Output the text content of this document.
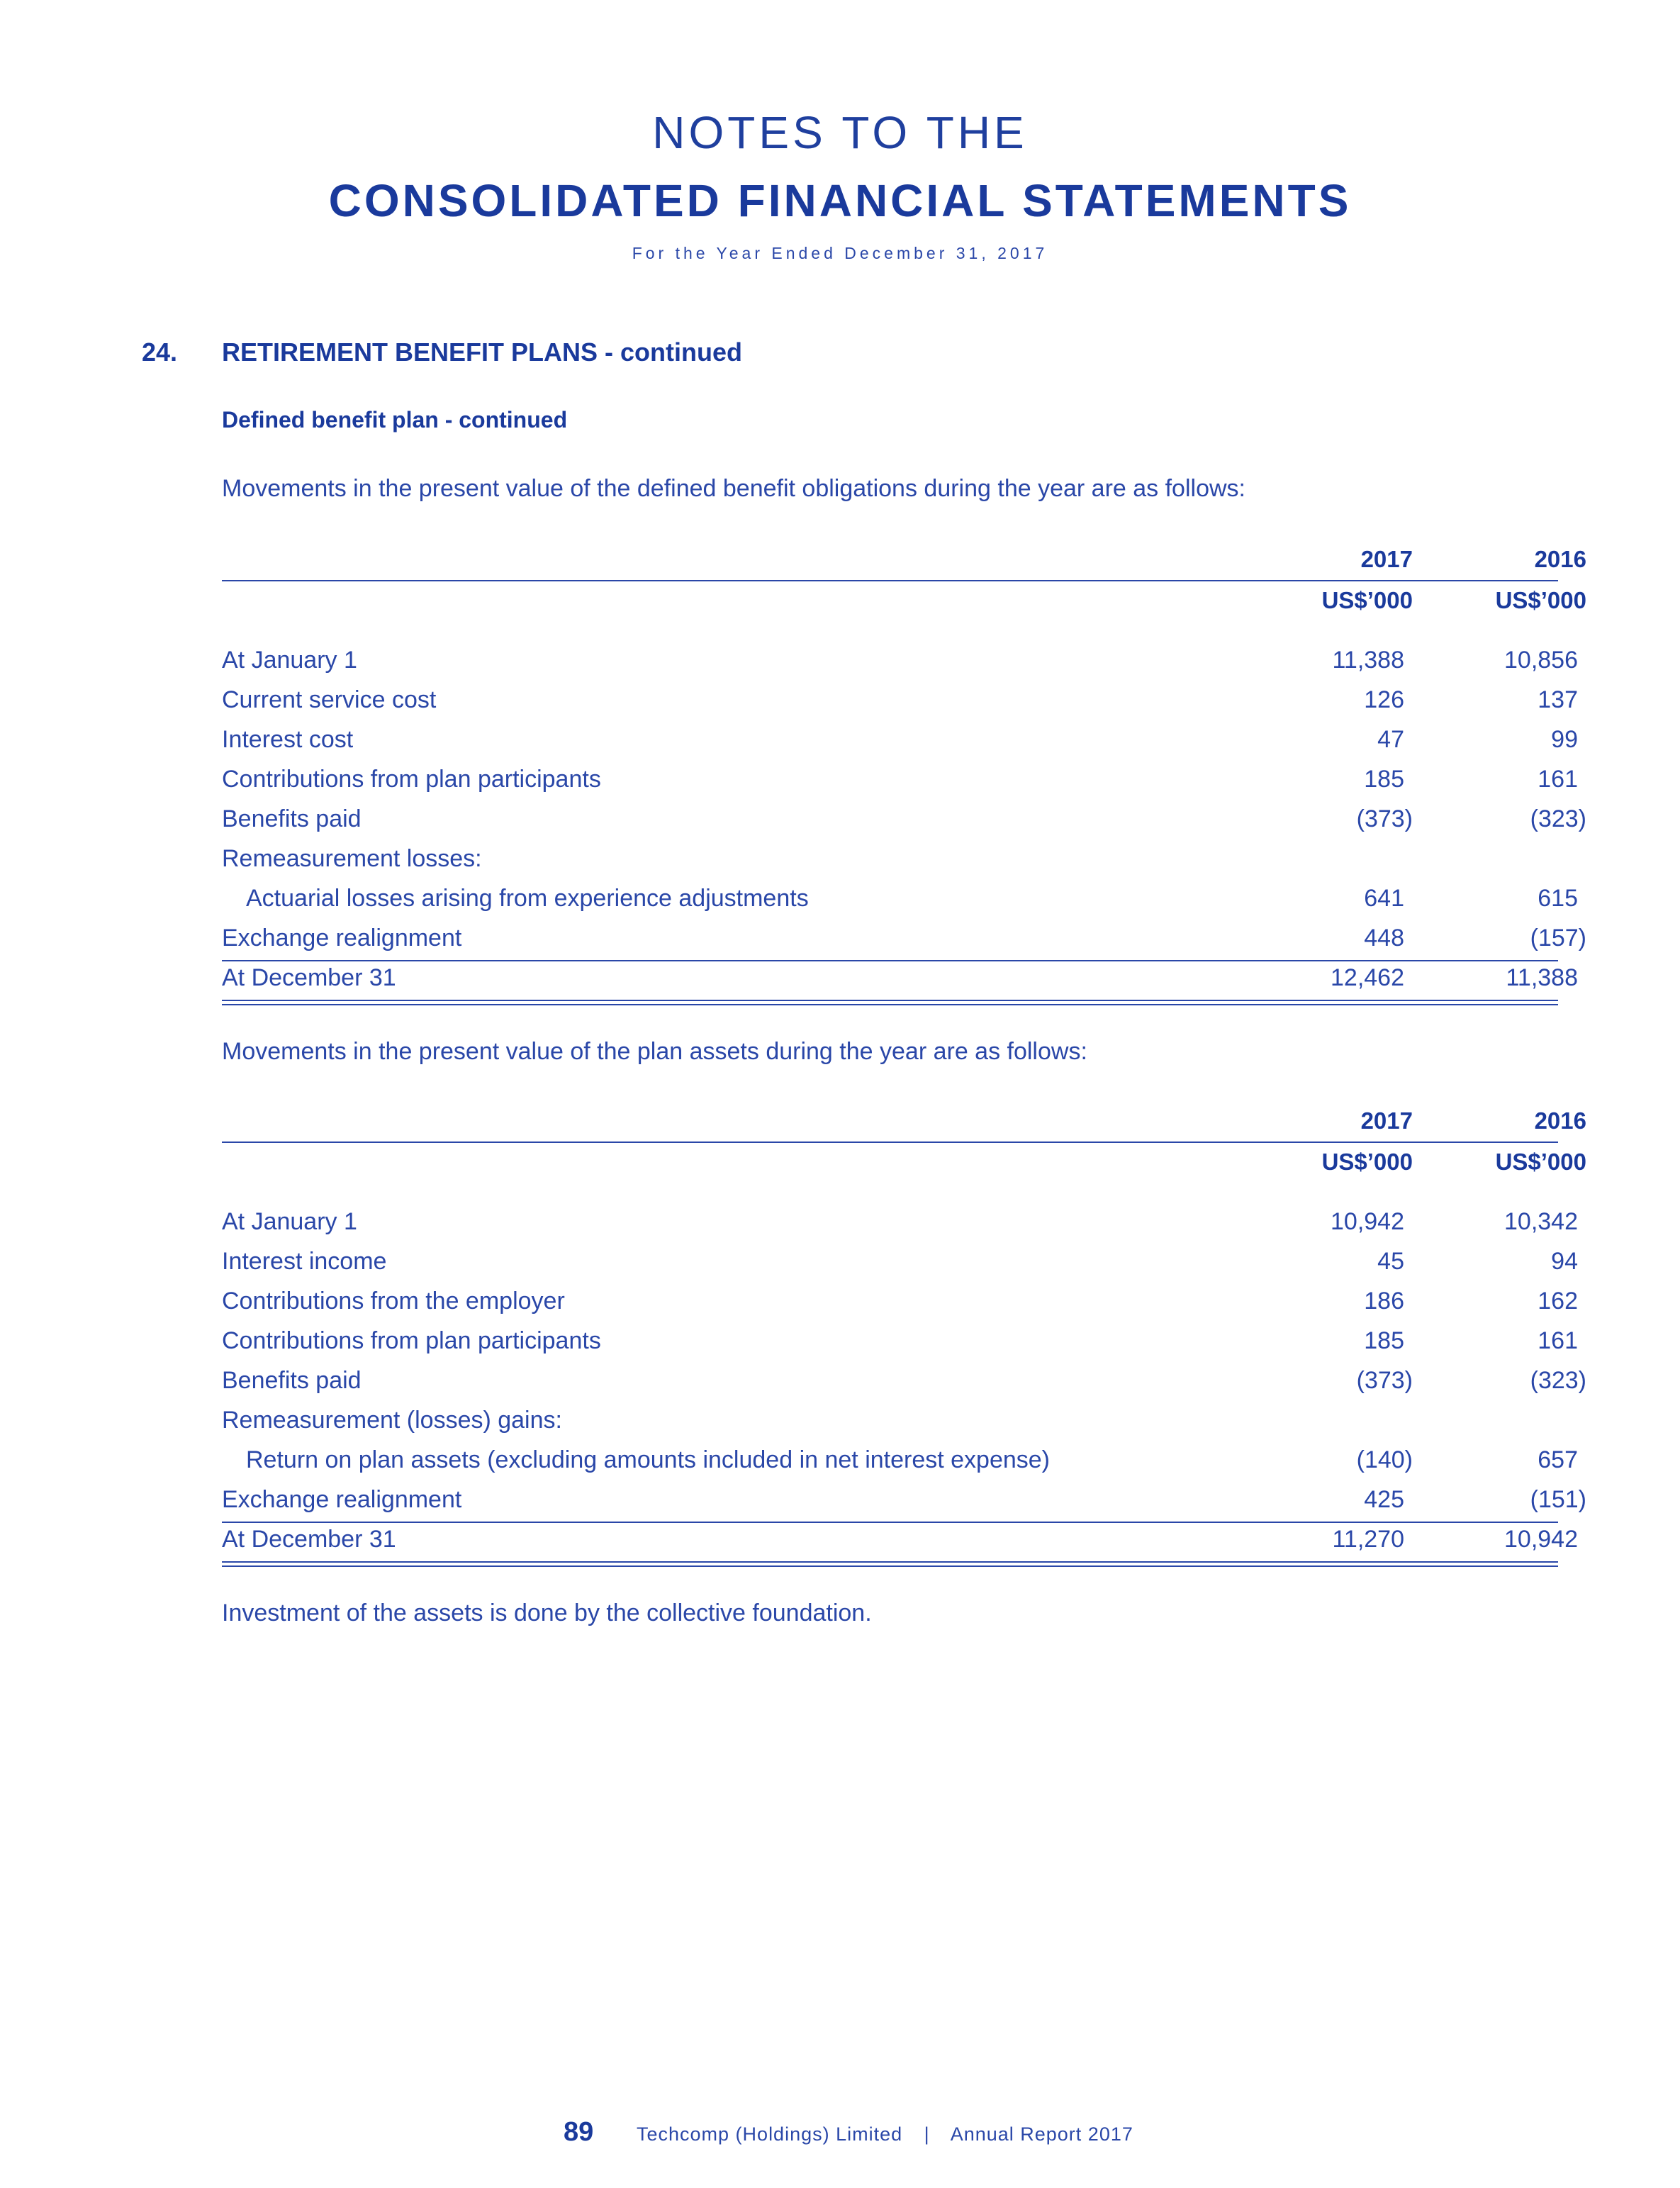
NOTES TO THE
CONSOLIDATED FINANCIAL STATEMENTS
For the Year Ended December 31, 2017
24. RETIREMENT BENEFIT PLANS - continued
Defined benefit plan - continued
Movements in the present value of the defined benefit obligations during the year are as follows:
2017	2016
US$’000	US$’000
At January 1	11,388	10,856
Current service cost	126	137
Interest cost	47	99
Contributions from plan participants	185	161
Benefits paid	(373)	(323)
Remeasurement losses:
Actuarial losses arising from experience adjustments	641	615
Exchange realignment	448	(157)
At December 31	12,462	11,388
Movements in the present value of the plan assets during the year are as follows:
2017	2016
US$’000	US$’000
At January 1	10,942	10,342
Interest income	45	94
Contributions from the employer	186	162
Contributions from plan participants	185	161
Benefits paid	(373)	(323)
Remeasurement (losses) gains:
Return on plan assets (excluding amounts included in net interest expense)	(140)	657
Exchange realignment	425	(151)
At December 31	11,270	10,942
Investment of the assets is done by the collective foundation.
89 Techcomp (Holdings) Limited | Annual Report 2017
